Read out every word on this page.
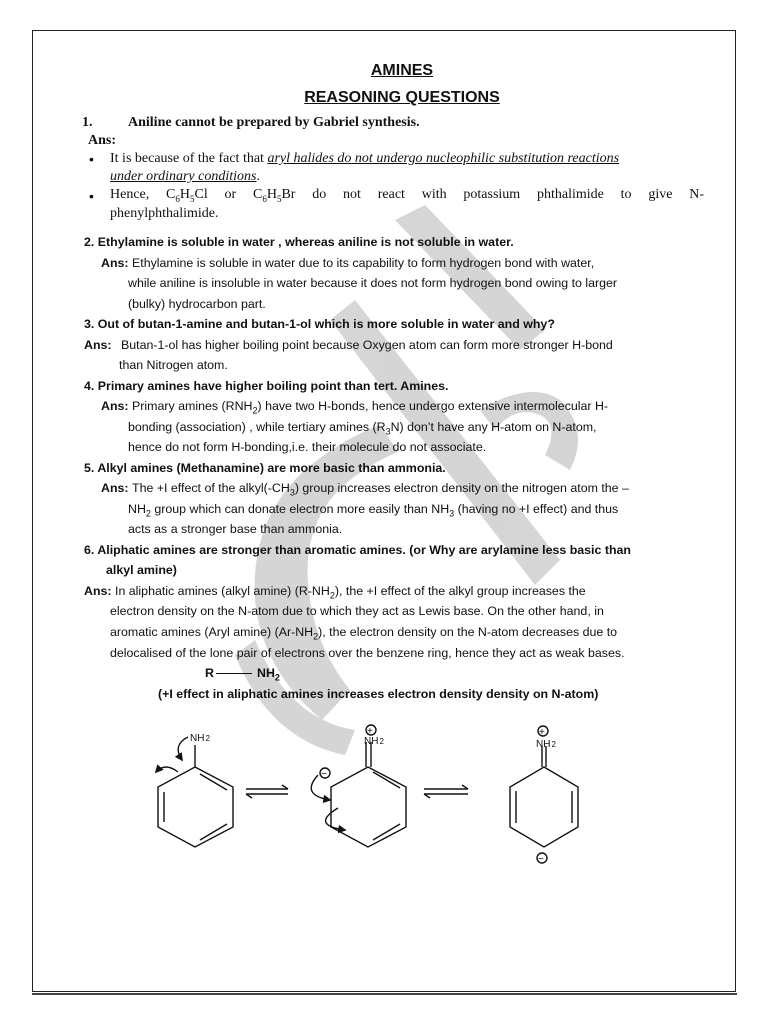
AMINES
REASONING QUESTIONS
1.	Aniline cannot be prepared by Gabriel synthesis.
Ans:
• It is because of the fact that aryl halides do not undergo nucleophilic substitution reactions
under ordinary conditions.
• Hence, $C_6H_5Cl$ or $C_6H_5Br$ do not react with potassium phthalimide to give N-
phenylphthalimide.
2. Ethylamine is soluble in water , whereas aniline is not soluble in water.
Ans: Ethylamine is soluble in water due to its capability to form hydrogen bond with water,
while aniline is insoluble in water because it does not form hydrogen bond owing to larger
(bulky) hydrocarbon part.
3. Out of butan-1-amine and butan-1-ol which is more soluble in water and why?
Ans: Butan-1-ol has higher boiling point because Oxygen atom can form more stronger H-bond
than Nitrogen atom.
4. Primary amines have higher boiling point than tert. Amines.
Ans: Primary amines $(RNH_2)$ have two H-bonds, hence undergo extensive intermolecular H-
bonding (association) , while tertiary amines $(R_3N)$ don’t have any H-atom on N-atom,
hence do not form H-bonding,i.e. their molecule do not associate.
5. Alkyl amines (Methanamine) are more basic than ammonia.
Ans: The +I effect of the $alkyl(-CH_3)$ group increases electron density on the nitrogen atom the –
$NH_2$ group which can donate electron more easily than $NH_3$ (having no +I effect) and thus
acts as a stronger base than ammonia.
6. Aliphatic amines are stronger than aromatic amines. (or Why are arylamine less basic than
alkyl amine)
Ans: In aliphatic amines (alkyl amine) $(R-NH_2)$, the +I effect of the alkyl group increases the
electron density on the N-atom due to which they act as Lewis base. On the other hand, in
aromatic amines (Aryl amine) $(Ar-NH_2)$, the electron density on the N-atom decreases due to
delocalised of the lone pair of electrons over the benzene ring, hence they act as weak bases.
R	$NH_2$
(+I effect in aliphatic amines increases electron density density on N-atom)
NH2	NH2	NH2
+	+
−
−
